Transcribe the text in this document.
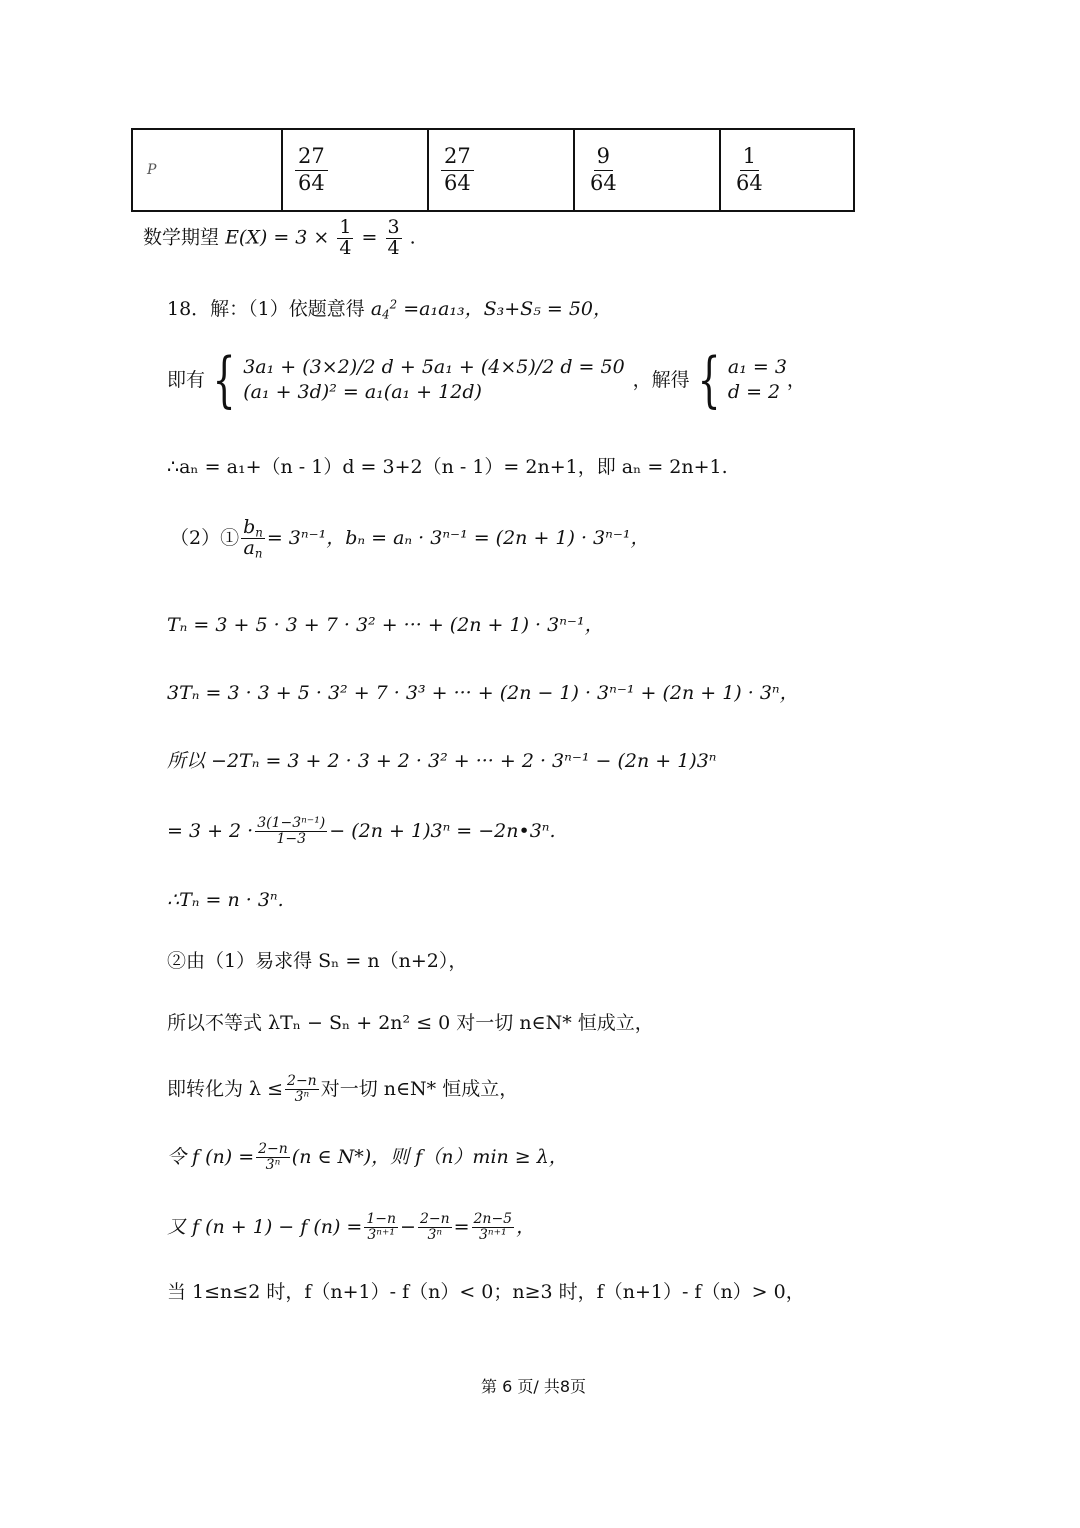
P	$\frac{27}{64}$	$\frac{27}{64}$	$\frac{9}{64}$	$\frac{1}{64}$
数学期望 $E(X) = 3 \times \frac{1}{4} = \frac{3}{4}$ .
18．解：（1）依题意得 $a_4^2 =a_1a_{13}$，S₃+S₅ = 50，
即有 { 3a₁ + (3×2)/2 d + 5a₁ + (4×5)/2 d = 50
(a₁ + 3d)² = a₁(a₁ + 12d)
，解得 { a₁ = 3
d = 2
，
∴aₙ = a₁+（n - 1）d = 3+2（n - 1）= 2n+1，即 aₙ = 2n+1.
（2）① $\frac{b_n}{a_n} = 3^{n-1}$，bₙ = aₙ · 3ⁿ⁻¹ = (2n + 1) · 3ⁿ⁻¹，
Tₙ = 3 + 5 · 3 + 7 · 3² + ··· + (2n + 1) · 3ⁿ⁻¹，
3Tₙ = 3 · 3 + 5 · 3² + 7 · 3³ + ··· + (2n − 1) · 3ⁿ⁻¹ + (2n + 1) · 3ⁿ，
所以 −2Tₙ = 3 + 2 · 3 + 2 · 3² + ··· + 2 · 3ⁿ⁻¹ − (2n + 1)3ⁿ
= $3 + 2 \cdot \frac{\text{3(1−3ⁿ⁻¹)}}{1-3} - (2n + 1)3^n$ = −2n•3ⁿ.
∴Tₙ = n · 3ⁿ.
②由（1）易求得 Sₙ = n（n+2），
所以不等式 λTₙ − Sₙ + 2n² ≤ 0 对一切 n∈N* 恒成立，
即转化为 $\lambda \le \frac{2-n}{\text{3ⁿ}}$ 对一切 n∈N* 恒成立，
令 f $(n) = \frac{2-n}{\text{3ⁿ}} (n$ ∈ N*)，则 f（n）min ≥ λ，
又 f (n + 1) − f $(n) = \frac{1-n}{\text{3ⁿ⁺¹}} - \frac{2-n}{\text{3ⁿ}} = \frac{2n-5}{\text{3ⁿ⁺¹}}$ ，
当 1≤n≤2 时，f（n+1）- f（n）< 0；n≥3 时，f（n+1）- f（n）> 0，
第 6 页/ 共8页
